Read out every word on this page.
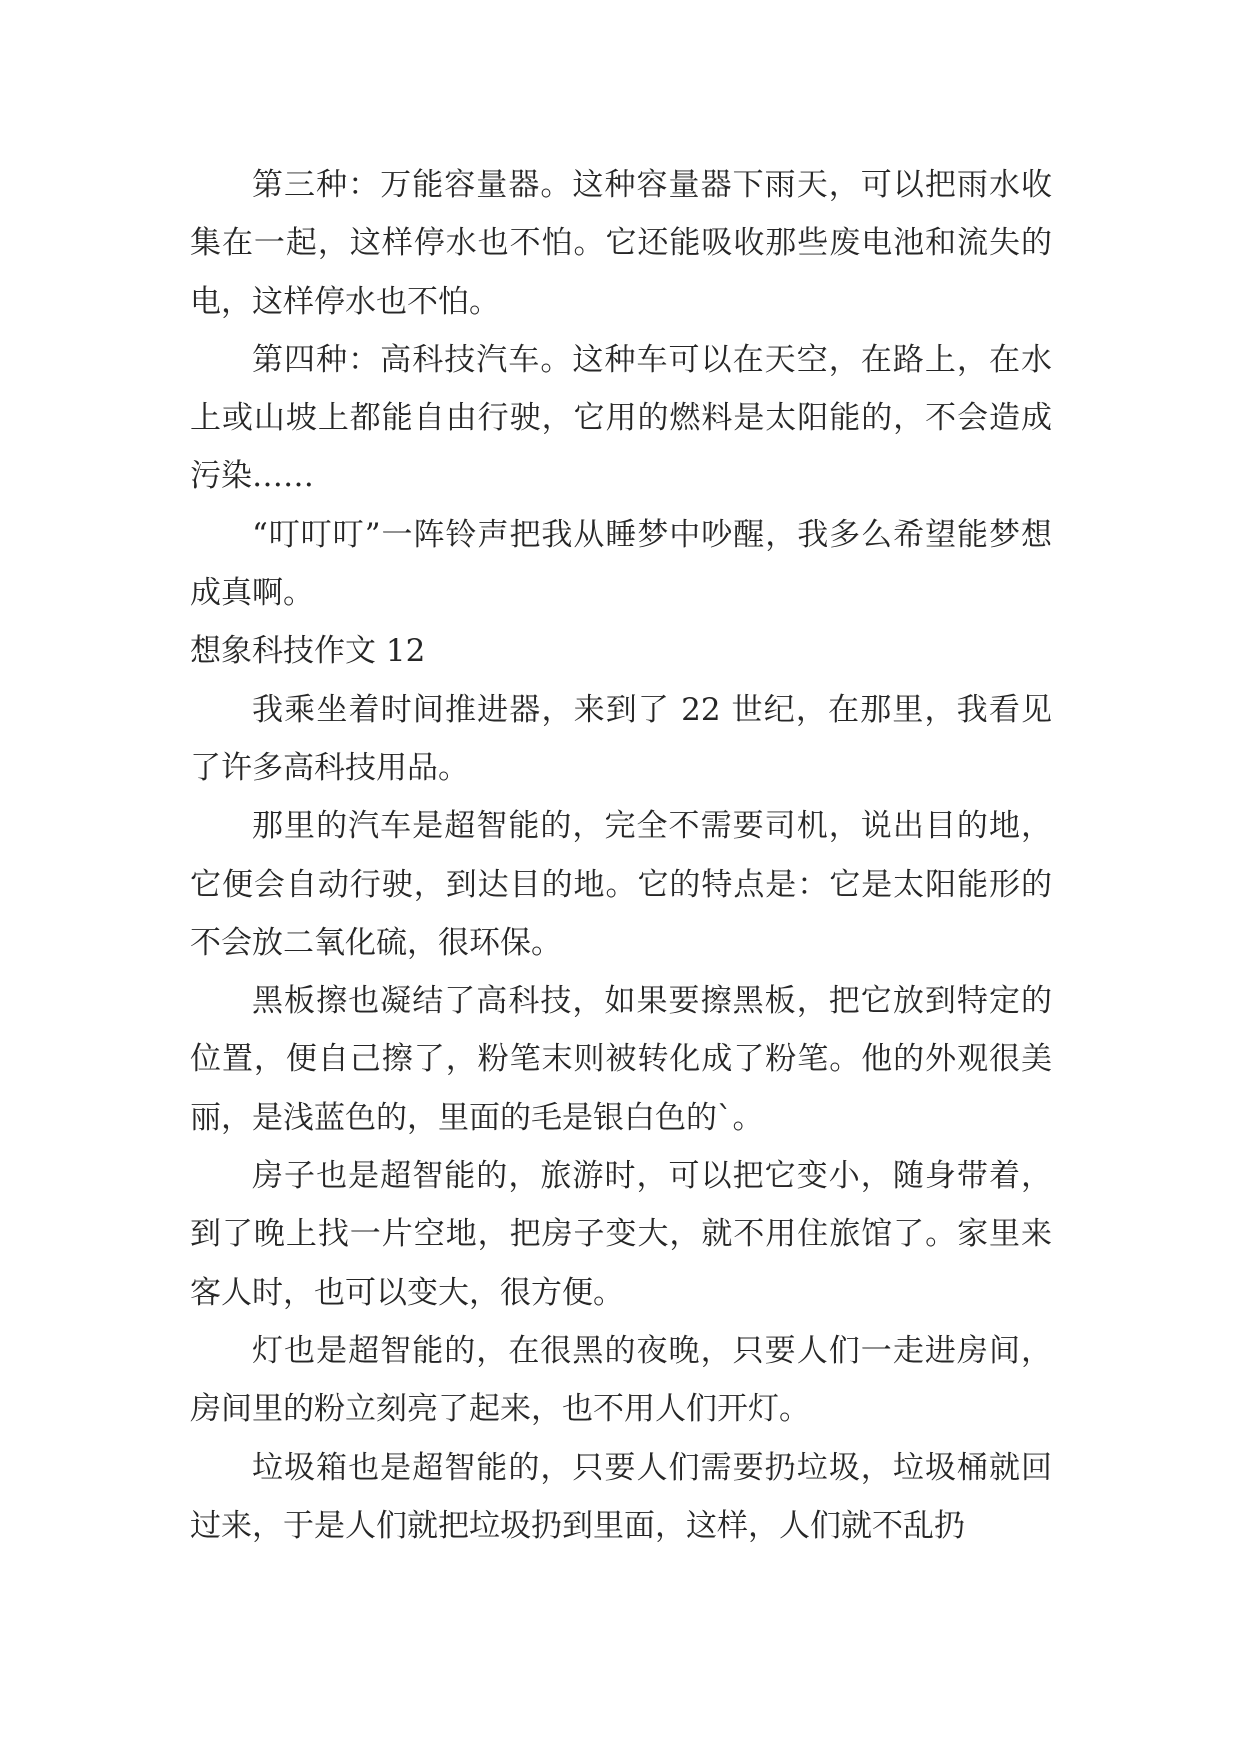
第三种：万能容量器。这种容量器下雨天，可以把雨水收集在一起，这样停水也不怕。它还能吸收那些废电池和流失的电，这样停水也不怕。

第四种：高科技汽车。这种车可以在天空，在路上，在水上或山坡上都能自由行驶，它用的燃料是太阳能的，不会造成污染……

“叮叮叮”一阵铃声把我从睡梦中吵醒，我多么希望能梦想成真啊。

想象科技作文 12

我乘坐着时间推进器，来到了 22 世纪，在那里，我看见了许多高科技用品。

那里的汽车是超智能的，完全不需要司机，说出目的地，它便会自动行驶，到达目的地。它的特点是：它是太阳能形的不会放二氧化硫，很环保。

黑板擦也凝结了高科技，如果要擦黑板，把它放到特定的位置，便自己擦了，粉笔末则被转化成了粉笔。他的外观很美丽，是浅蓝色的，里面的毛是银白色的`。

房子也是超智能的，旅游时，可以把它变小，随身带着，到了晚上找一片空地，把房子变大，就不用住旅馆了。家里来客人时，也可以变大，很方便。

灯也是超智能的，在很黑的夜晚，只要人们一走进房间，房间里的粉立刻亮了起来，也不用人们开灯。

垃圾箱也是超智能的，只要人们需要扔垃圾，垃圾桶就回过来，于是人们就把垃圾扔到里面，这样，人们就不乱扔
